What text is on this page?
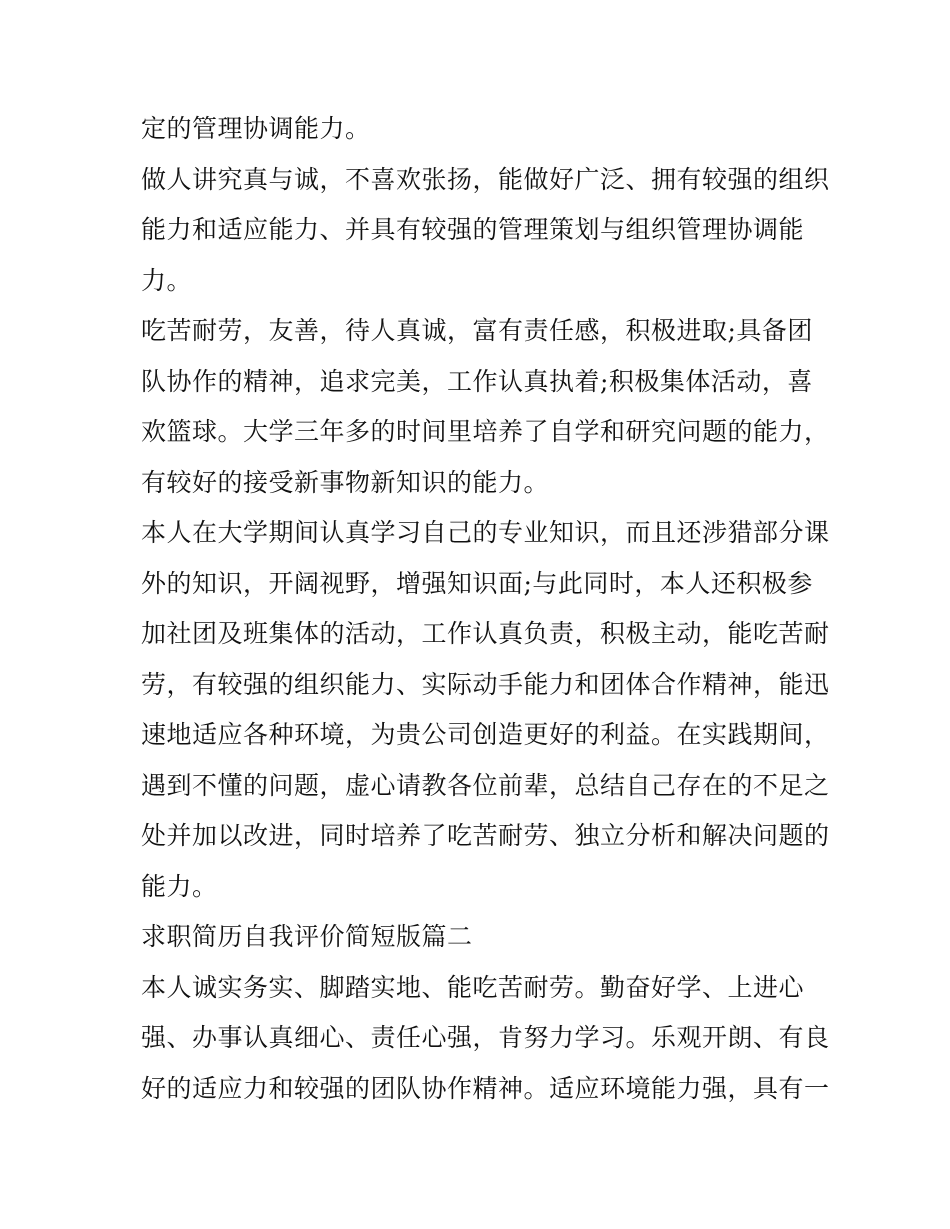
定的管理协调能力。

做人讲究真与诚，不喜欢张扬，能做好广泛、拥有较强的组织

能力和适应能力、并具有较强的管理策划与组织管理协调能

力。

吃苦耐劳，友善，待人真诚，富有责任感，积极进取;具备团

队协作的精神，追求完美，工作认真执着;积极集体活动，喜

欢篮球。大学三年多的时间里培养了自学和研究问题的能力，

有较好的接受新事物新知识的能力。

本人在大学期间认真学习自己的专业知识，而且还涉猎部分课

外的知识，开阔视野，增强知识面;与此同时，本人还积极参

加社团及班集体的活动，工作认真负责，积极主动，能吃苦耐

劳，有较强的组织能力、实际动手能力和团体合作精神，能迅

速地适应各种环境，为贵公司创造更好的利益。在实践期间，

遇到不懂的问题，虚心请教各位前辈，总结自己存在的不足之

处并加以改进，同时培养了吃苦耐劳、独立分析和解决问题的

能力。

求职简历自我评价简短版篇二

本人诚实务实、脚踏实地、能吃苦耐劳。勤奋好学、上进心

强、办事认真细心、责任心强，肯努力学习。乐观开朗、有良

好的适应力和较强的团队协作精神。适应环境能力强，具有一
